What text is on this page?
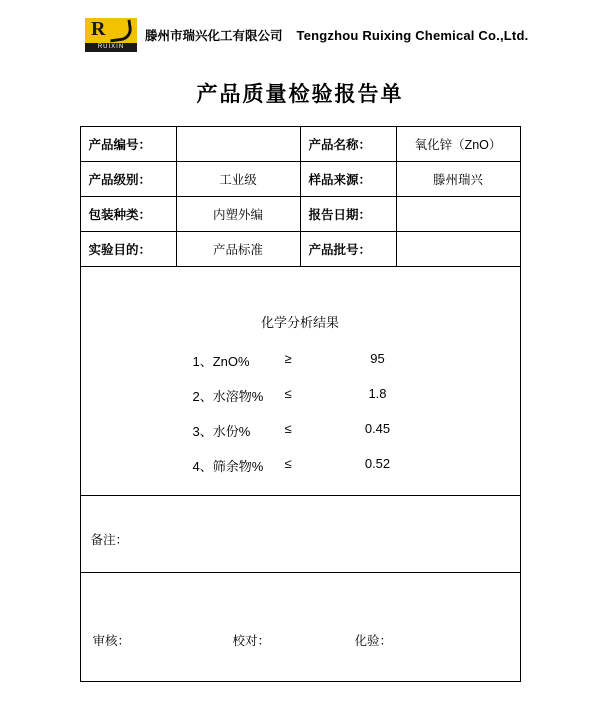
R
RUIXIN
滕州市瑞兴化工有限公司 Tengzhou Ruixing Chemical Co.,Ltd.
产品质量检验报告单
产品编号：		产品名称：	氧化锌（ZnO）
产品级别：	工业级	样品来源：	滕州瑞兴
包装种类：	内塑外编	报告日期：	
实验目的：	产品标准	产品批号：	

化学分析结果
1、ZnO%	≥	95
2、水溶物%	≤	1.8
3、水份%	≤	0.45
4、筛余物%	≤	0.52

备注：			

审核： 校对： 化验：			
